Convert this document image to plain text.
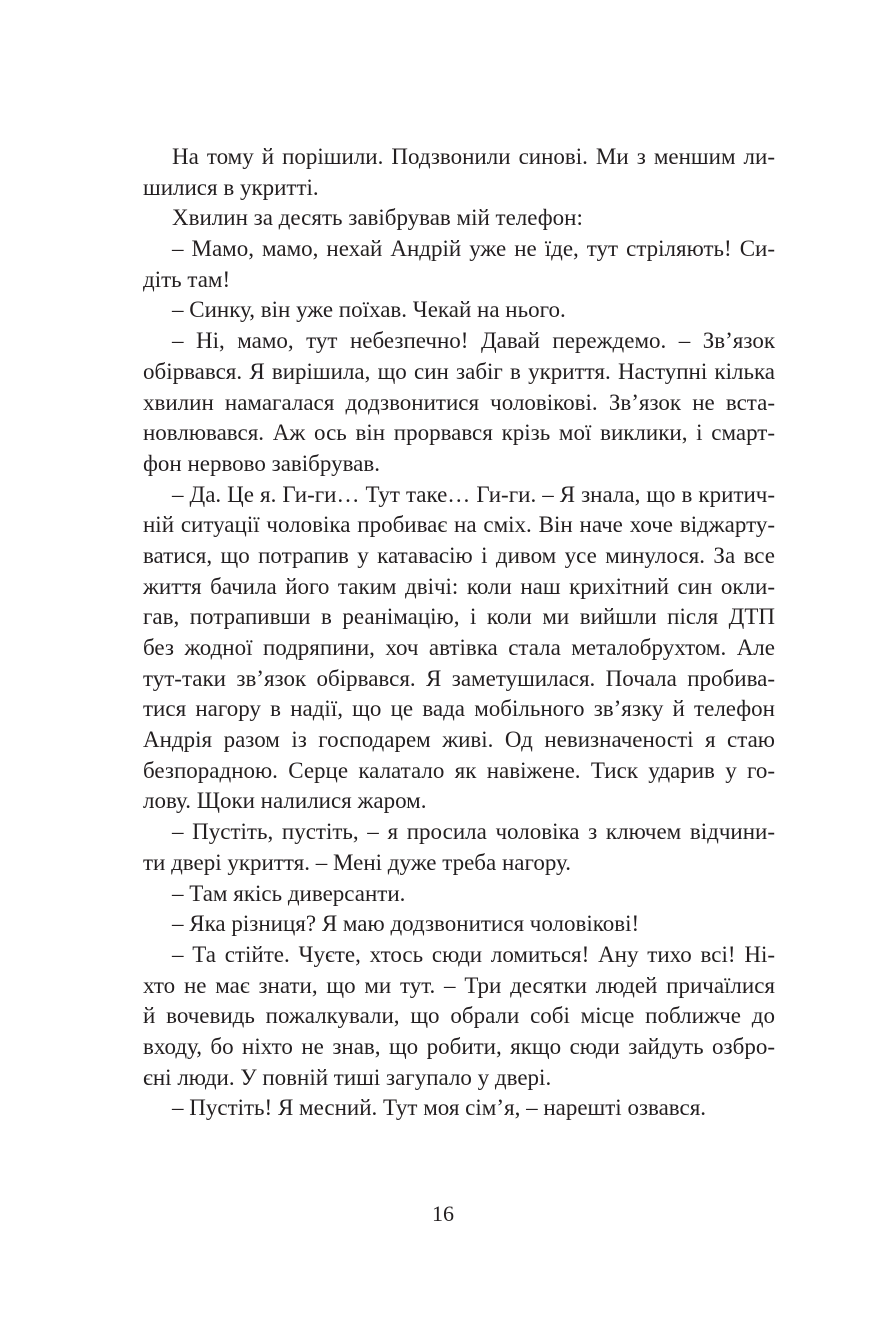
На тому й порішили. Подзвонили синові. Ми з меншим ли-
шилися в укритті.
Хвилин за десять завібрував мій телефон:
– Мамо, мамо, нехай Андрій уже не їде, тут стріляють! Си-
діть там!
– Синку, він уже поїхав. Чекай на нього.
– Ні, мамо, тут небезпечно! Давай переждемо. – Зв’язок
обірвався. Я вирішила, що син забіг в укриття. Наступні кілька
хвилин намагалася додзвонитися чоловікові. Зв’язок не вста-
новлювався. Аж ось він прорвався крізь мої виклики, і смарт-
фон нервово завібрував.
– Да. Це я. Ги-ги… Тут таке… Ги-ги. – Я знала, що в критич-
ній ситуації чоловіка пробиває на сміх. Він наче хоче віджарту-
ватися, що потрапив у катавасію і дивом усе минулося. За все
життя бачила його таким двічі: коли наш крихітний син окли-
гав, потрапивши в реанімацію, і коли ми вийшли після ДТП
без жодної подряпини, хоч автівка стала металобрухтом. Але
тут-таки зв’язок обірвався. Я заметушилася. Почала пробива-
тися нагору в надії, що це вада мобільного зв’язку й телефон
Андрія разом із господарем живі. Од невизначеності я стаю
безпорадною. Серце калатало як навіжене. Тиск ударив у го-
лову. Щоки налилися жаром.
– Пустіть, пустіть, – я просила чоловіка з ключем відчини-
ти двері укриття. – Мені дуже треба нагору.
– Там якісь диверсанти.
– Яка різниця? Я маю додзвонитися чоловікові!
– Та стійте. Чуєте, хтось сюди ломиться! Ану тихо всі! Ні-
хто не має знати, що ми тут. – Три десятки людей причаїлися
й вочевидь пожалкували, що обрали собі місце поближче до
входу, бо ніхто не знав, що робити, якщо сюди зайдуть озбро-
єні люди. У повній тиші загупало у двері.
– Пустіть! Я месний. Тут моя сім’я, – нарешті озвався.
16
